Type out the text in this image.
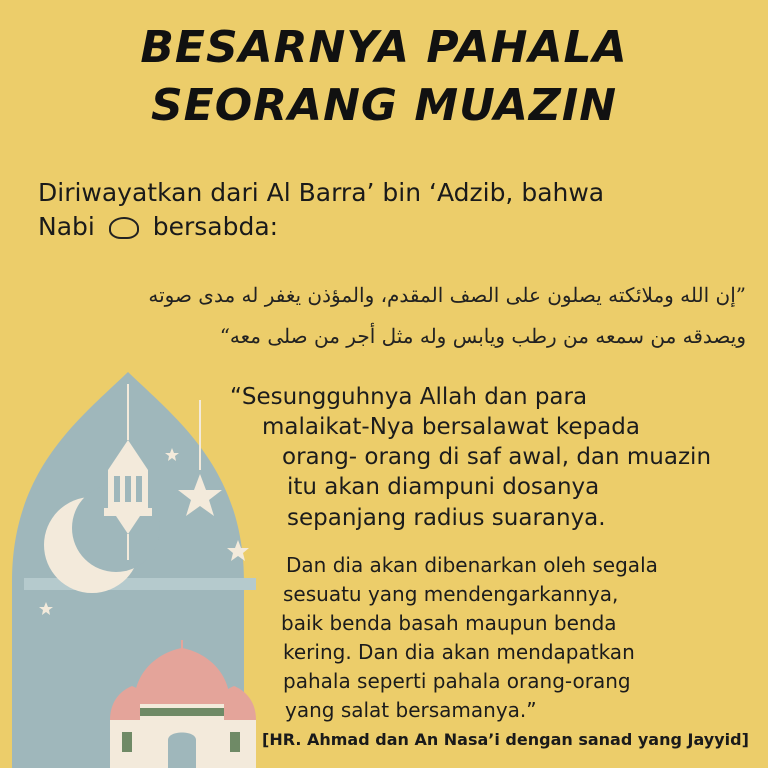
BESARNYA PAHALA
SEORANG MUAZIN
Diriwayatkan dari Al Barra’ bin ‘Adzib, bahwa
Nabi bersabda:
”إن الله وملائكته يصلون على الصف المقدم، والمؤذن يغفر له مدى صوته
ويصدقه من سمعه من رطب ويابس وله مثل أجر من صلى معه“
“Sesungguhnya Allah dan para
malaikat-Nya bersalawat kepada
orang- orang di saf awal, dan muazin
itu akan diampuni dosanya
sepanjang radius suaranya.
Dan dia akan dibenarkan oleh segala
sesuatu yang mendengarkannya,
baik benda basah maupun benda
kering. Dan dia akan mendapatkan
pahala seperti pahala orang-orang
yang salat bersamanya.”
[HR. Ahmad dan An Nasa’i dengan sanad yang Jayyid]
